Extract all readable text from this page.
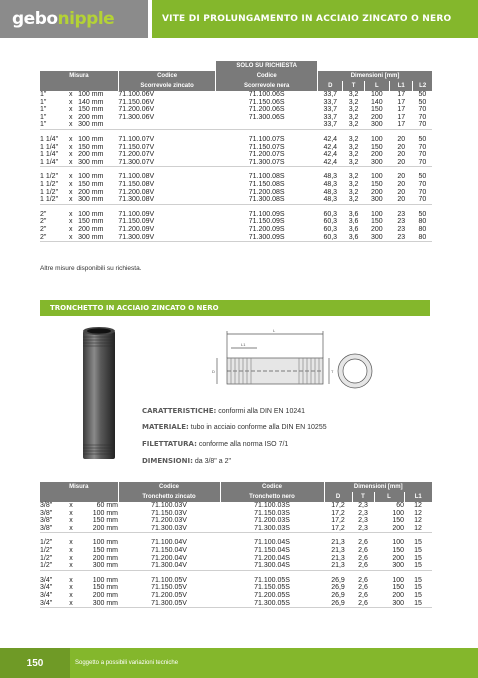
gebo nipple	VITE DI PROLUNGAMENTO IN ACCIAIO ZINCATO O NERO
				SOLO SU RICHIESTA					
Misura			Codice	Codice	Dimensioni [mm]				
			Scorrevole zincato	Scorrevole nera	D	T	L	L1	L2
1"	x	100 mm	71.100.06V	71.100.06S	33,7	3,2	100	17	50
1"	x	140 mm	71.150.06V	71.150.06S	33,7	3,2	140	17	50
1"	x	150 mm	71.200.06V	71.200.06S	33,7	3,2	150	17	70
1"	x	200 mm	71.300.06V	71.300.06S	33,7	3,2	200	17	70
1"	x	300 mm			33,7	3,2	300	17	70

1 1/4"	x	100 mm	71.100.07V	71.100.07S	42,4	3,2	100	20	50
1 1/4"	x	150 mm	71.150.07V	71.150.07S	42,4	3,2	150	20	70
1 1/4"	x	200 mm	71.200.07V	71.200.07S	42,4	3,2	200	20	70
1 1/4"	x	300 mm	71.300.07V	71.300.07S	42,4	3,2	300	20	70

1 1/2"	x	100 mm	71.100.08V	71.100.08S	48,3	3,2	100	20	50
1 1/2"	x	150 mm	71.150.08V	71.150.08S	48,3	3,2	150	20	70
1 1/2"	x	200 mm	71.200.08V	71.200.08S	48,3	3,2	200	20	70
1 1/2"	x	300 mm	71.300.08V	71.300.08S	48,3	3,2	300	20	70

2"	x	100 mm	71.100.09V	71.100.09S	60,3	3,6	100	23	50
2"	x	150 mm	71.150.09V	71.150.09S	60,3	3,6	150	23	80
2"	x	200 mm	71.200.09V	71.200.09S	60,3	3,6	200	23	80
2"	x	300 mm	71.300.09V	71.300.09S	60,3	3,6	300	23	80
Altre misure disponibili su richiesta.
TRONCHETTO IN ACCIAIO ZINCATO O NERO
L
L1
D	T
CARATTERISTICHE: conformi alla DIN EN 10241
MATERIALE: tubo in acciaio conforme alla DIN EN 10255
FILETTATURA: conforme alla norma ISO 7/1
DIMENSIONI: da 3/8" a 2"
Misura			Codice	Codice	Dimensioni [mm]			
			Tronchetto zincato	Tronchetto nero	D	T	L	L1
3/8"	x	60 mm	71.100.03V	71.100.03S	17,2	2,3	60	12
3/8"	x	100 mm	71.150.03V	71.150.03S	17,2	2,3	100	12
3/8"	x	150 mm	71.200.03V	71.200.03S	17,2	2,3	150	12
3/8"	x	200 mm	71.300.03V	71.300.03S	17,2	2,3	200	12

1/2"	x	100 mm	71.100.04V	71.100.04S	21,3	2,6	100	15
1/2"	x	150 mm	71.150.04V	71.150.04S	21,3	2,6	150	15
1/2"	x	200 mm	71.200.04V	71.200.04S	21,3	2,6	200	15
1/2"	x	300 mm	71.300.04V	71.300.04S	21,3	2,6	300	15

3/4"	x	100 mm	71.100.05V	71.100.05S	26,9	2,6	100	15
3/4"	x	150 mm	71.150.05V	71.150.05S	26,9	2,6	150	15
3/4"	x	200 mm	71.200.05V	71.200.05S	26,9	2,6	200	15
3/4"	x	300 mm	71.300.05V	71.300.05S	26,9	2,6	300	15
150	Soggetto a possibili variazioni tecniche
